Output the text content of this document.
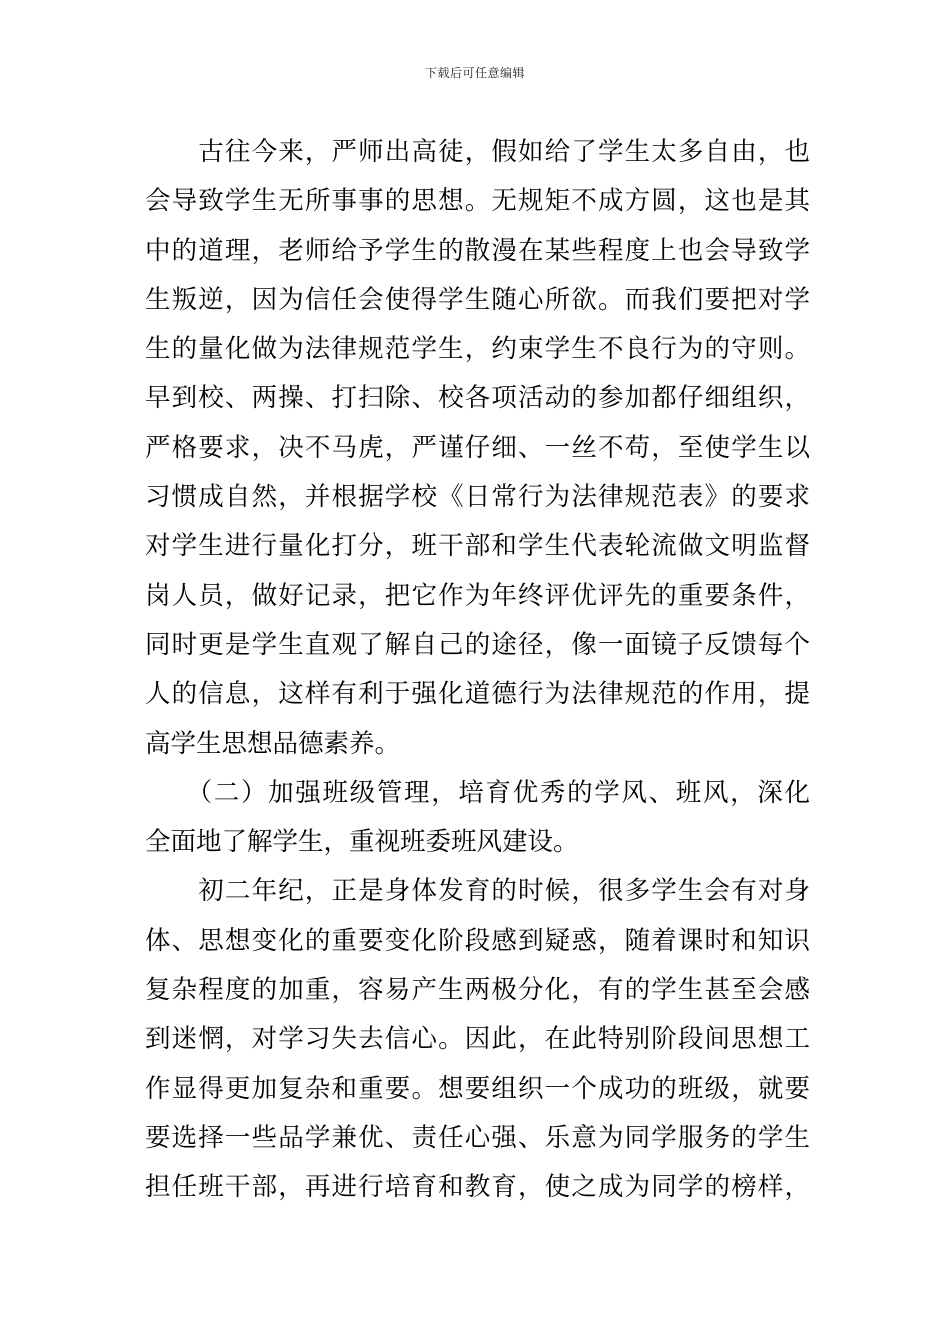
下载后可任意编辑
　　古往今来，严师出高徒，假如给了学生太多自由，也
会导致学生无所事事的思想。无规矩不成方圆，这也是其
中的道理，老师给予学生的散漫在某些程度上也会导致学
生叛逆，因为信任会使得学生随心所欲。而我们要把对学
生的量化做为法律规范学生，约束学生不良行为的守则。
早到校、两操、打扫除、校各项活动的参加都仔细组织，
严格要求，决不马虎，严谨仔细、一丝不苟，至使学生以
习惯成自然，并根据学校《日常行为法律规范表》的要求
对学生进行量化打分，班干部和学生代表轮流做文明监督
岗人员，做好记录，把它作为年终评优评先的重要条件，
同时更是学生直观了解自己的途径，像一面镜子反馈每个
人的信息，这样有利于强化道德行为法律规范的作用，提
高学生思想品德素养。
　　（二）加强班级管理，培育优秀的学风、班风，深化
全面地了解学生，重视班委班风建设。
　　初二年纪，正是身体发育的时候，很多学生会有对身
体、思想变化的重要变化阶段感到疑惑，随着课时和知识
复杂程度的加重，容易产生两极分化，有的学生甚至会感
到迷惘，对学习失去信心。因此，在此特别阶段间思想工
作显得更加复杂和重要。想要组织一个成功的班级，就要
要选择一些品学兼优、责任心强、乐意为同学服务的学生
担任班干部，再进行培育和教育，使之成为同学的榜样，
